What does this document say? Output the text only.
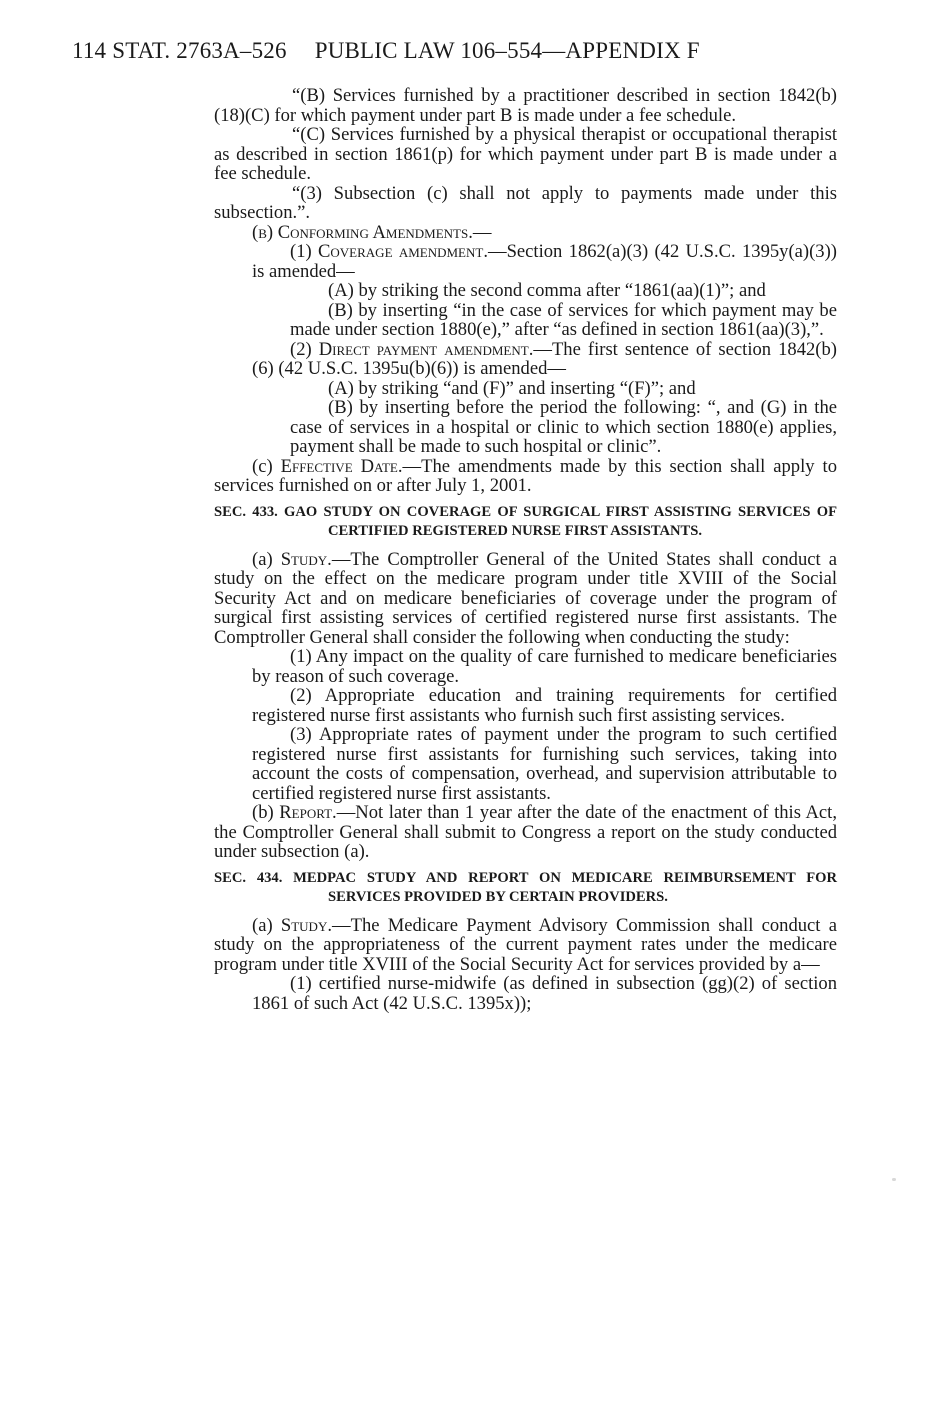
114 STAT. 2763A–526 PUBLIC LAW 106–554—APPENDIX F

“(B) Services furnished by a practitioner described in section 1842(b)(18)(C) for which payment under part B is made under a fee schedule.

“(C) Services furnished by a physical therapist or occupational therapist as described in section 1861(p) for which payment under part B is made under a fee schedule.

“(3) Subsection (c) shall not apply to payments made under this subsection.”.

(b) Conforming Amendments.—

(1) Coverage amendment.—Section 1862(a)(3) (42 U.S.C. 1395y(a)(3)) is amended—

(A) by striking the second comma after “1861(aa)(1)”; and

(B) by inserting “in the case of services for which payment may be made under section 1880(e),” after “as defined in section 1861(aa)(3),”.

(2) Direct payment amendment.—The first sentence of section 1842(b)(6) (42 U.S.C. 1395u(b)(6)) is amended—

(A) by striking “and (F)” and inserting “(F)”; and

(B) by inserting before the period the following: “, and (G) in the case of services in a hospital or clinic to which section 1880(e) applies, payment shall be made to such hospital or clinic”.

(c) Effective Date.—The amendments made by this section shall apply to services furnished on or after July 1, 2001.

SEC. 433. GAO STUDY ON COVERAGE OF SURGICAL FIRST ASSISTING SERVICES OF CERTIFIED REGISTERED NURSE FIRST ASSISTANTS.

(a) Study.—The Comptroller General of the United States shall conduct a study on the effect on the medicare program under title XVIII of the Social Security Act and on medicare beneficiaries of coverage under the program of surgical first assisting services of certified registered nurse first assistants. The Comptroller General shall consider the following when conducting the study:

(1) Any impact on the quality of care furnished to medicare beneficiaries by reason of such coverage.

(2) Appropriate education and training requirements for certified registered nurse first assistants who furnish such first assisting services.

(3) Appropriate rates of payment under the program to such certified registered nurse first assistants for furnishing such services, taking into account the costs of compensation, overhead, and supervision attributable to certified registered nurse first assistants.

(b) Report.—Not later than 1 year after the date of the enactment of this Act, the Comptroller General shall submit to Congress a report on the study conducted under subsection (a).

SEC. 434. MEDPAC STUDY AND REPORT ON MEDICARE REIMBURSEMENT FOR SERVICES PROVIDED BY CERTAIN PROVIDERS.

(a) Study.—The Medicare Payment Advisory Commission shall conduct a study on the appropriateness of the current payment rates under the medicare program under title XVIII of the Social Security Act for services provided by a—

(1) certified nurse-midwife (as defined in subsection (gg)(2) of section 1861 of such Act (42 U.S.C. 1395x));
